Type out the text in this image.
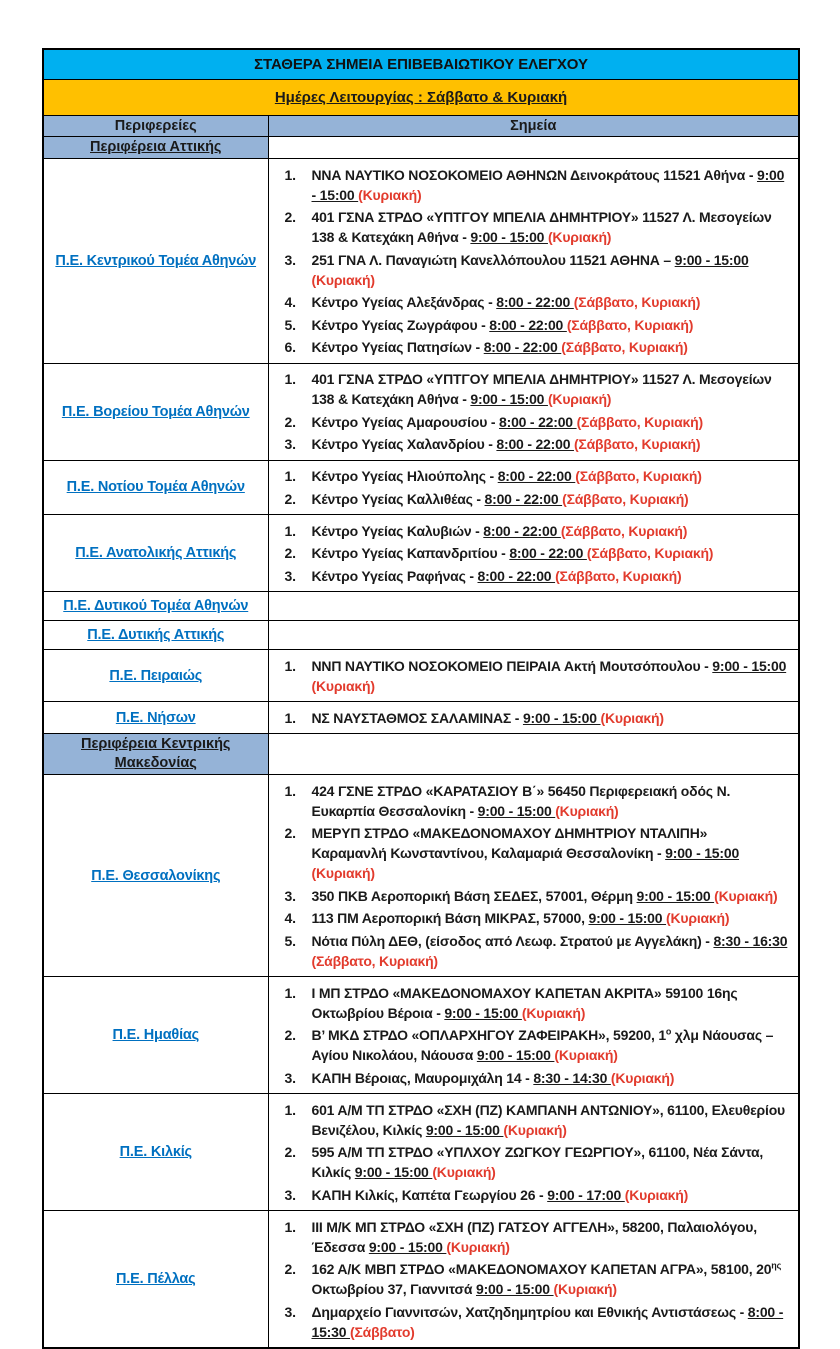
ΣΤΑΘΕΡΑ ΣΗΜΕΙΑ ΕΠΙΒΕΒΑΙΩΤΙΚΟΥ ΕΛΕΓΧΟΥ	
Ημέρες Λειτουργίας : Σάββατο & Κυριακή	
Περιφερείες	Σημεία
Περιφέρεια Αττικής	
Π.Ε. Κεντρικού Τομέα Αθηνών	
ΝΝΑ ΝΑΥΤΙΚΟ ΝΟΣΟΚΟΜΕΙΟ ΑΘΗΝΩΝ Δεινοκράτους 11521 Αθήνα - 9:00 - 15:00 (Κυριακή)
401 ΓΣΝΑ ΣΤΡΔΟ «ΥΠΤΓΟΥ ΜΠΕΛΙΑ ΔΗΜΗΤΡΙΟΥ» 11527 Λ. Μεσογείων 138 & Κατεχάκη Αθήνα - 9:00 - 15:00 (Κυριακή)
251 ΓΝΑ Λ. Παναγιώτη Κανελλόπουλου 11521 ΑΘΗΝΑ – 9:00 - 15:00 (Κυριακή)
Κέντρο Υγείας Αλεξάνδρας - 8:00 - 22:00 (Σάββατο, Κυριακή)
Κέντρο Υγείας Ζωγράφου - 8:00 - 22:00 (Σάββατο, Κυριακή)
Κέντρο Υγείας Πατησίων - 8:00 - 22:00 (Σάββατο, Κυριακή)

Π.Ε. Βορείου Τομέα Αθηνών	
401 ΓΣΝΑ ΣΤΡΔΟ «ΥΠΤΓΟΥ ΜΠΕΛΙΑ ΔΗΜΗΤΡΙΟΥ» 11527 Λ. Μεσογείων 138 & Κατεχάκη Αθήνα - 9:00 - 15:00 (Κυριακή)
Κέντρο Υγείας Αμαρουσίου - 8:00 - 22:00 (Σάββατο, Κυριακή)
Κέντρο Υγείας Χαλανδρίου - 8:00 - 22:00 (Σάββατο, Κυριακή)

Π.Ε. Νοτίου Τομέα Αθηνών	
Κέντρο Υγείας Ηλιούπολης - 8:00 - 22:00 (Σάββατο, Κυριακή)
Κέντρο Υγείας Καλλιθέας - 8:00 - 22:00 (Σάββατο, Κυριακή)

Π.Ε. Ανατολικής Αττικής	
Κέντρο Υγείας Καλυβιών - 8:00 - 22:00 (Σάββατο, Κυριακή)
Κέντρο Υγείας Καπανδριτίου - 8:00 - 22:00 (Σάββατο, Κυριακή)
Κέντρο Υγείας Ραφήνας - 8:00 - 22:00 (Σάββατο, Κυριακή)

Π.Ε. Δυτικού Τομέα Αθηνών	
Π.Ε. Δυτικής Αττικής	
Π.Ε. Πειραιώς	
ΝΝΠ ΝΑΥΤΙΚΟ ΝΟΣΟΚΟΜΕΙΟ ΠΕΙΡΑΙΑ Ακτή Μουτσόπουλου - 9:00 - 15:00 (Κυριακή)

Π.Ε. Νήσων	ΝΣ ΝΑΥΣΤΑΘΜΟΣ ΣΑΛΑΜΙΝΑΣ - 9:00 - 15:00 (Κυριακή)

Περιφέρεια Κεντρικής Μακεδονίας	
Π.Ε. Θεσσαλονίκης	
424 ΓΣΝΕ ΣΤΡΔΟ «ΚΑΡΑΤΑΣΙΟΥ Β΄» 56450 Περιφερειακή οδός Ν. Ευκαρπία Θεσσαλονίκη - 9:00 - 15:00 (Κυριακή)
ΜΕΡΥΠ ΣΤΡΔΟ «ΜΑΚΕΔΟΝΟΜΑΧΟΥ ΔΗΜΗΤΡΙΟΥ ΝΤΑΛΙΠΗ»
Καραμανλή Κωνσταντίνου, Καλαμαριά Θεσσαλονίκη - 9:00 - 15:00 (Κυριακή)
350 ΠΚΒ Αεροπορική Βάση ΣΕΔΕΣ, 57001, Θέρμη 9:00 - 15:00 (Κυριακή)
113 ΠΜ Αεροπορική Βάση ΜΙΚΡΑΣ, 57000, 9:00 - 15:00 (Κυριακή)
Νότια Πύλη ΔΕΘ, (είσοδος από Λεωφ. Στρατού με Αγγελάκη) - 8:30 - 16:30 (Σάββατο, Κυριακή)

Π.Ε. Ημαθίας	
Ι ΜΠ ΣΤΡΔΟ «ΜΑΚΕΔΟΝΟΜΑΧΟΥ ΚΑΠΕΤΑΝ ΑΚΡΙΤΑ» 59100 16ης Οκτωβρίου Βέροια - 9:00 - 15:00 (Κυριακή)
Β’ ΜΚΔ ΣΤΡΔΟ «ΟΠΛΑΡΧΗΓΟΥ ΖΑΦΕΙΡΑΚΗ», 59200, $1^o$ χλμ Νάουσας – Αγίου Νικολάου, Νάουσα 9:00 - 15:00 (Κυριακή)
ΚΑΠΗ Βέροιας, Μαυρομιχάλη 14 - 8:30 - 14:30 (Κυριακή)

Π.Ε. Κιλκίς	
601 Α/Μ ΤΠ ΣΤΡΔΟ «ΣΧΗ (ΠΖ) ΚΑΜΠΑΝΗ ΑΝΤΩΝΙΟΥ», 61100, Ελευθερίου Βενιζέλου, Κιλκίς 9:00 - 15:00 (Κυριακή)
595 Α/Μ ΤΠ ΣΤΡΔΟ «ΥΠΛΧΟΥ ΖΩΓΚΟΥ ΓΕΩΡΓΙΟΥ», 61100, Νέα Σάντα, Κιλκίς 9:00 - 15:00 (Κυριακή)
ΚΑΠΗ Κιλκίς, Καπέτα Γεωργίου 26 - 9:00 - 17:00 (Κυριακή)

Π.Ε. Πέλλας	
ΙΙΙ Μ/Κ ΜΠ ΣΤΡΔΟ «ΣΧΗ (ΠΖ) ΓΑΤΣΟΥ ΑΓΓΕΛΗ», 58200, Παλαιολόγου, Έδεσσα 9:00 - 15:00 (Κυριακή)
162 Α/Κ ΜΒΠ ΣΤΡΔΟ «ΜΑΚΕΔΟΝΟΜΑΧΟΥ ΚΑΠΕΤΑΝ ΑΓΡΑ», 58100, $20^{\eta\varsigma}$ Οκτωβρίου 37, Γιαννιτσά 9:00 - 15:00 (Κυριακή)
Δημαρχείο Γιαννιτσών, Χατζηδημητρίου και Εθνικής Αντιστάσεως - 8:00 - 15:30 (Σάββατο)
